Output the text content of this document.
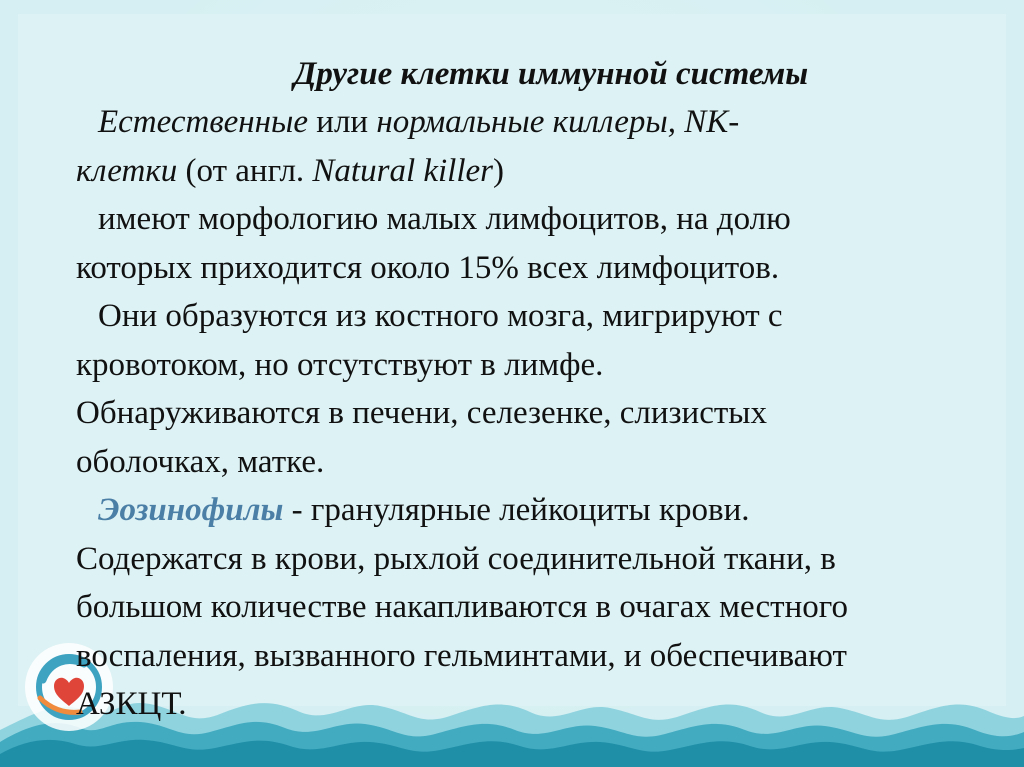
Другие клетки иммунной системы
Естественные или нормальные киллеры, NK-
клетки (от англ. Natural killer)
имеют морфологию малых лимфоцитов, на долю
которых приходится около 15% всех лимфоцитов.
Они образуются из костного мозга, мигрируют с
кровотоком, но отсутствуют в лимфе.
Обнаруживаются в печени, селезенке, слизистых
оболочках, матке.
Эозинофилы - гранулярные лейкоциты крови.
Содержатся в крови, рыхлой соединительной ткани, в
большом количестве накапливаются в очагах местного
воспаления, вызванного гельминтами, и обеспечивают
АЗКЦТ.
